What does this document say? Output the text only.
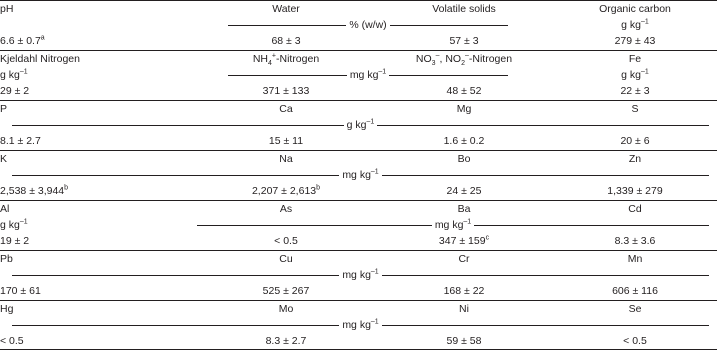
pH	Water	Volatile solids	Organic carbon
% (w/w)	g $kg^{-1}$
6.6 ± 0.7$^a$	68 ± 3	57 ± 3	279 ± 43
Kjeldahl Nitrogen	$NH_4^+$-Nitrogen	$NO_3^-$, $NO_2^-$-Nitrogen	Fe
g $kg^{-1}$	mg $kg^{-1}$	g $kg^{-1}$
29 ± 2	371 ± 133	48 ± 52	22 ± 3
P	Ca	Mg	S
g $kg^{-1}$
8.1 ± 2.7	15 ± 11	1.6 ± 0.2	20 ± 6
K	Na	Bo	Zn
mg $kg^{-1}$
2,538 ± 3,944$^b$	2,207 ± 2,613$^b$	24 ± 25	1,339 ± 279
Al	As	Ba	Cd
g $kg^{-1}$	mg $kg^{-1}$
19 ± 2	< 0.5	$347 \pm 159^c$	8.3 ± 3.6
Pb	Cu	Cr	Mn
mg $kg^{-1}$
170 ± 61	525 ± 267	168 ± 22	606 ± 116
Hg	Mo	Ni	Se
mg $kg^{-1}$
< 0.5	8.3 ± 2.7	59 ± 58	< 0.5
